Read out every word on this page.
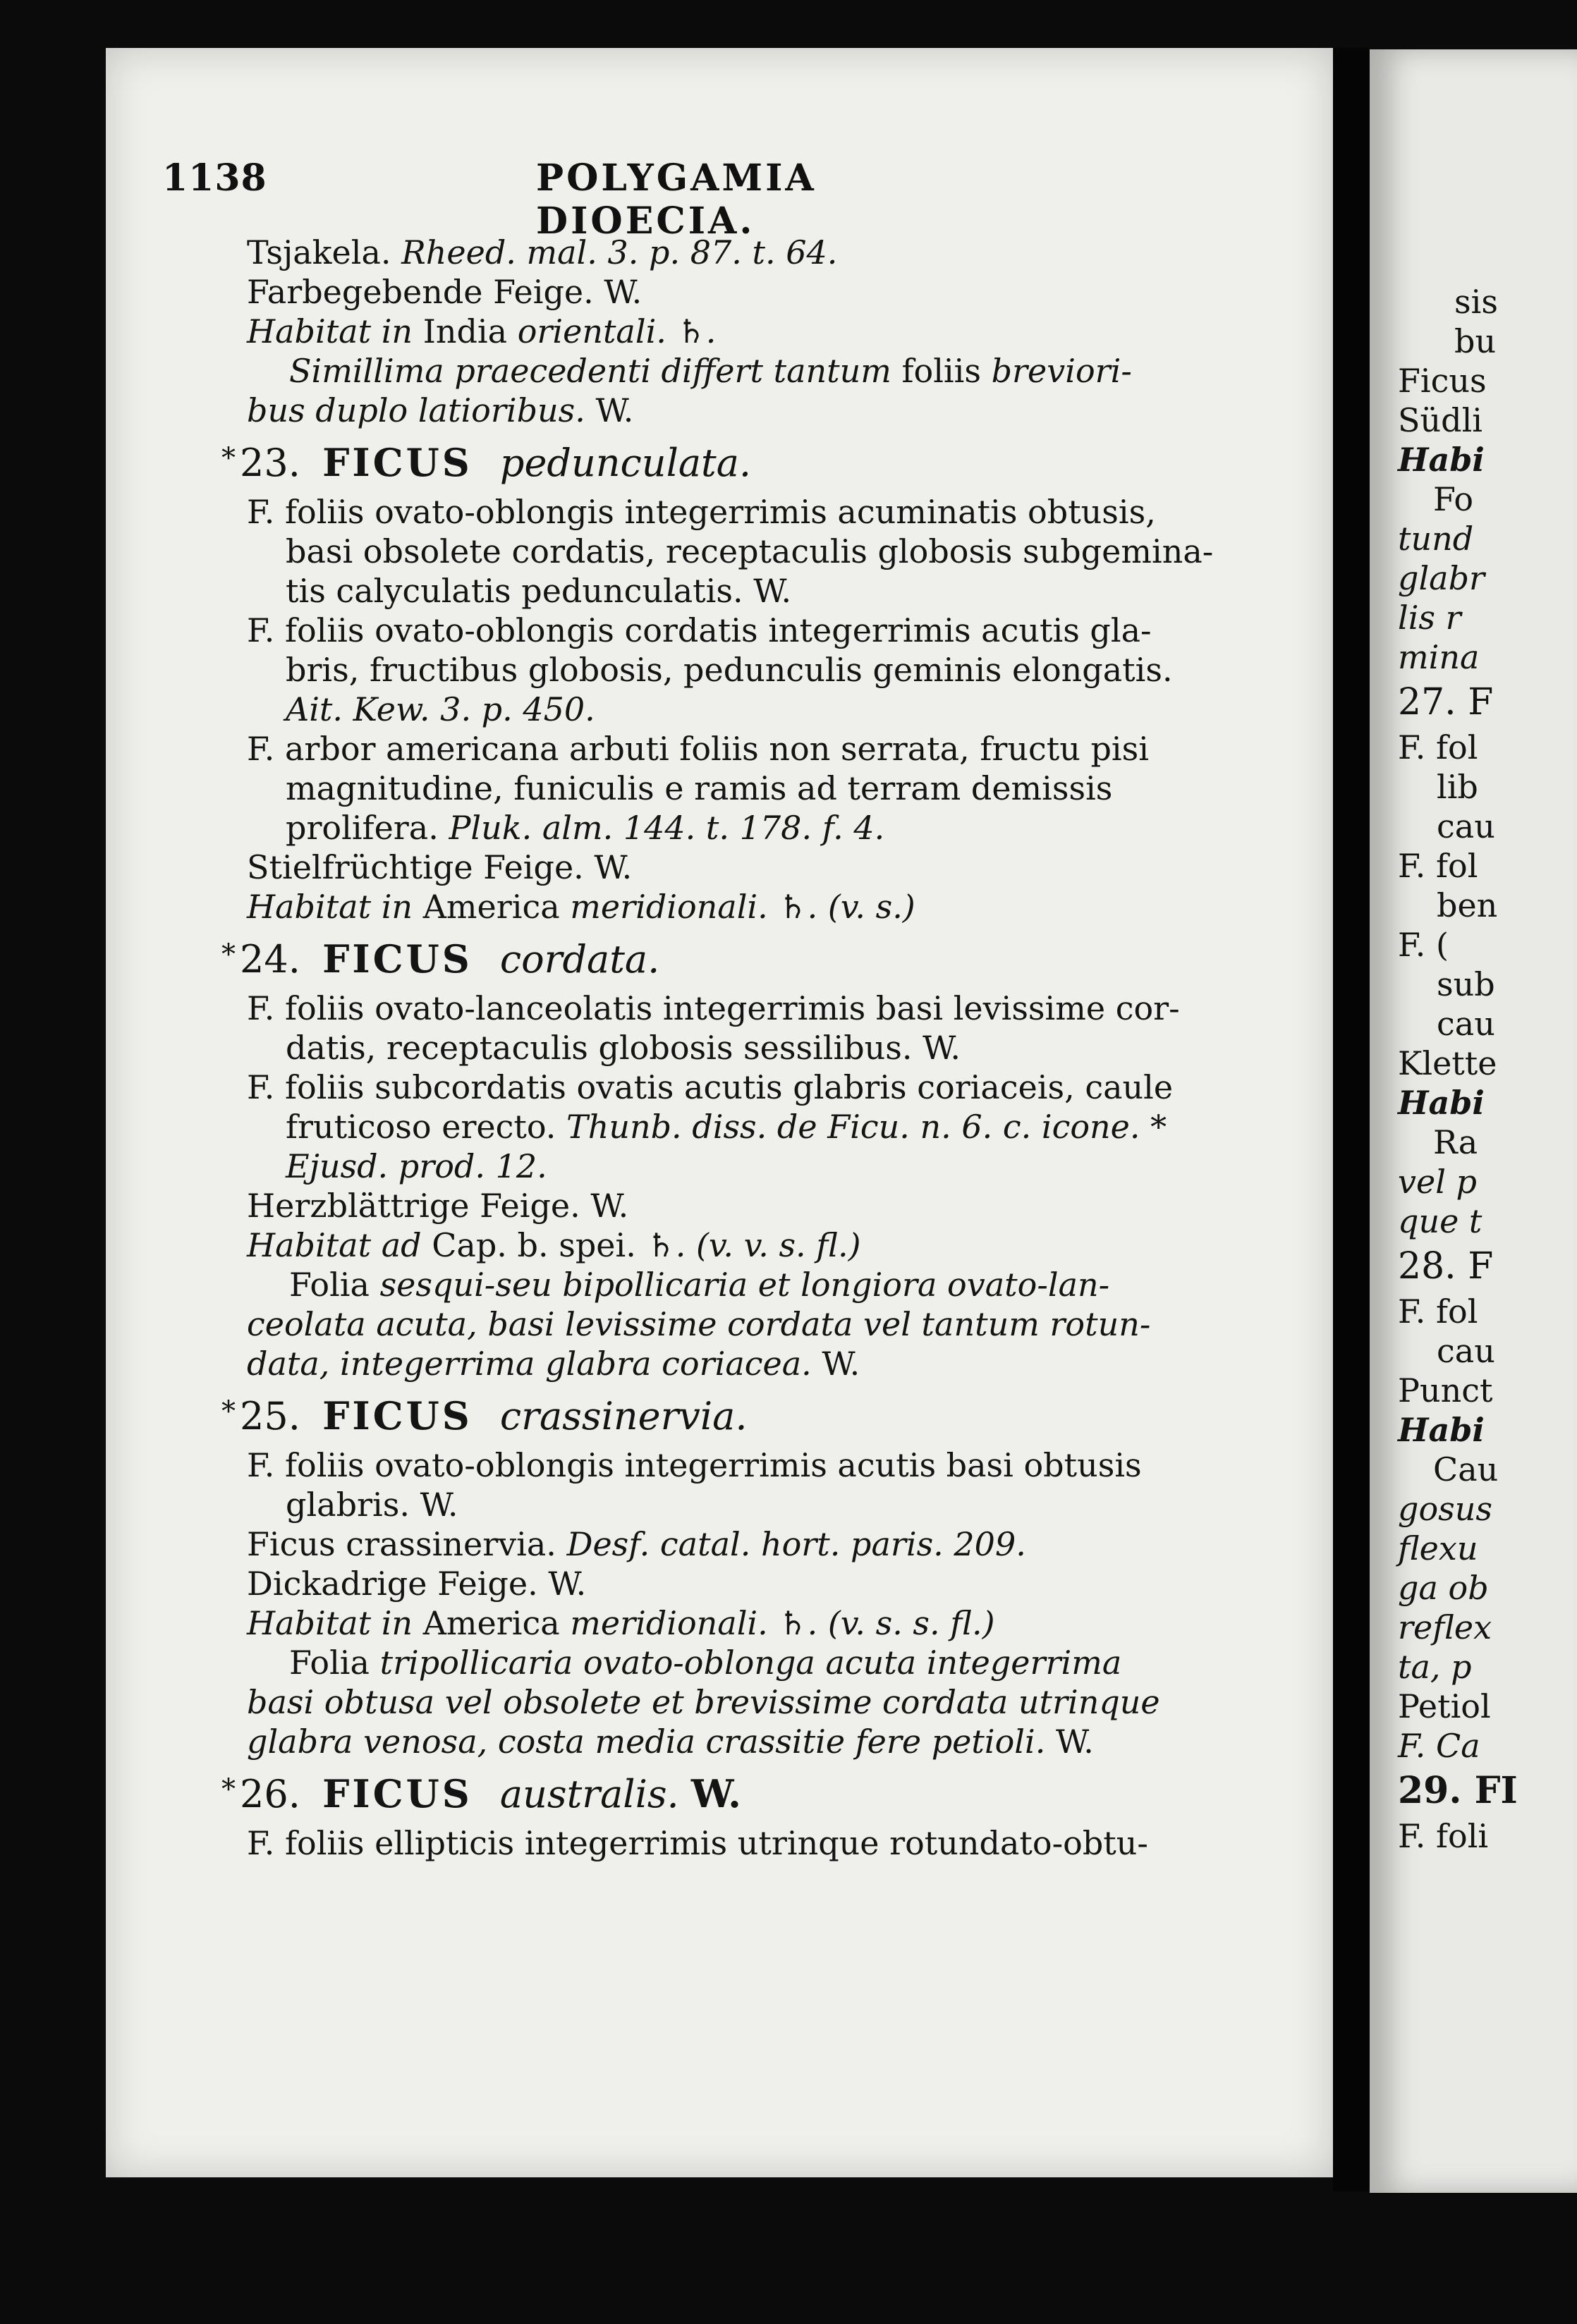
1138	POLYGAMIA DIOECIA.
Tsjakela. Rheed. mal. 3. p. 87. t. 64.
Farbegebende Feige. W.
Habitat in India orientali. ♄.
Simillima praecedenti differt tantum foliis breviori-
bus duplo latioribus. W.
* 23. FICUS pedunculata.
F. foliis ovato-oblongis integerrimis acuminatis obtusis,
basi obsolete cordatis, receptaculis globosis subgemina-
tis calyculatis pedunculatis. W.
F. foliis ovato-oblongis cordatis integerrimis acutis gla-
bris, fructibus globosis, pedunculis geminis elongatis.
Ait. Kew. 3. p. 450.
F. arbor americana arbuti foliis non serrata, fructu pisi
magnitudine, funiculis e ramis ad terram demissis
prolifera. Pluk. alm. 144. t. 178. f. 4.
Stielfrüchtige Feige. W.
Habitat in America meridionali. ♄. (v. s.)
* 24. FICUS cordata.
F. foliis ovato-lanceolatis integerrimis basi levissime cor-
datis, receptaculis globosis sessilibus. W.
F. foliis subcordatis ovatis acutis glabris coriaceis, caule
fruticoso erecto. Thunb. diss. de Ficu. n. 6. c. icone. *
Ejusd. prod. 12.
Herzblättrige Feige. W.
Habitat ad Cap. b. spei. ♄. (v. v. s. fl.)
Folia sesqui-seu bipollicaria et longiora ovato-lan-
ceolata acuta, basi levissime cordata vel tantum rotun-
data, integerrima glabra coriacea. W.
* 25. FICUS crassinervia.
F. foliis ovato-oblongis integerrimis acutis basi obtusis
glabris. W.
Ficus crassinervia. Desf. catal. hort. paris. 209.
Dickadrige Feige. W.
Habitat in America meridionali. ♄. (v. s. s. fl.)
Folia tripollicaria ovato-oblonga acuta integerrima
basi obtusa vel obsolete et brevissime cordata utrinque
glabra venosa, costa media crassitie fere petioli. W.
* 26. FICUS australis. W.
F. foliis ellipticis integerrimis utrinque rotundato-obtu-
sis
bu
Ficus
Südli
Habi
Fo
tund
glabr
lis r
mina
27. F
F. fol
lib
cau
F. fol
ben
F. (
sub
cau
Klette
Habi
Ra
vel p
que t
28. F
F. fol
cau
Punct
Habi
Cau
gosus
flexu
ga ob
reflex
ta, p
Petiol
F. Ca
29. FI
F. foli
